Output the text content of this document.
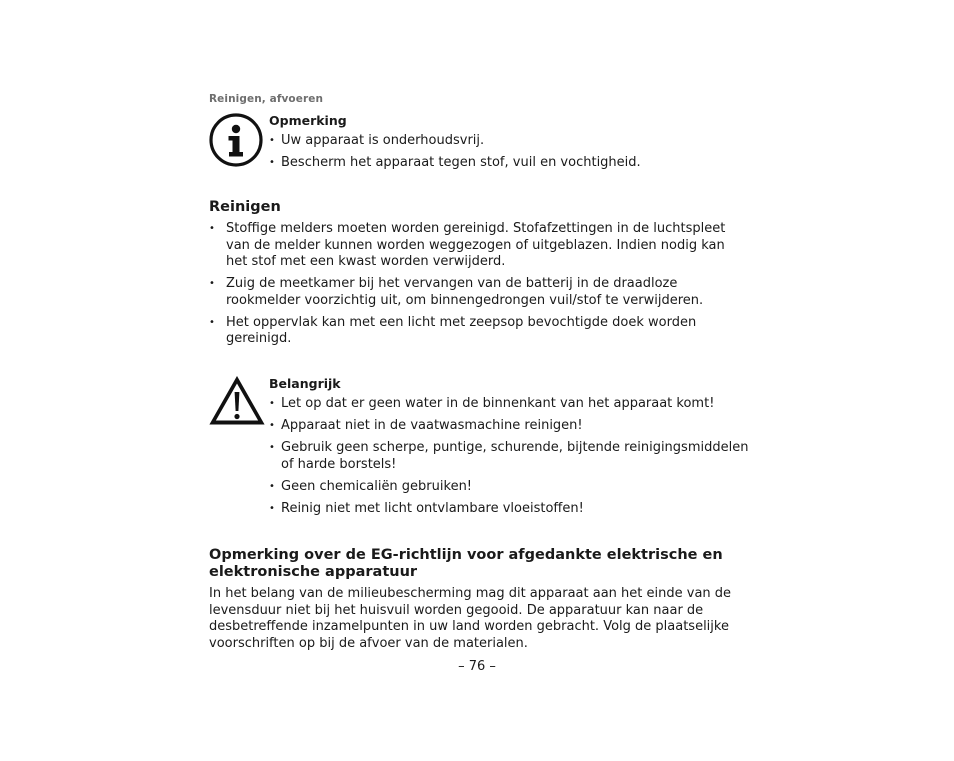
Reinigen, afvoeren

Opmerking

• Uw apparaat is onderhoudsvrij.
• Bescherm het apparaat tegen stof, vuil en vochtigheid.
Reinigen
• Stoffige melders moeten worden gereinigd. Stofafzettingen in de luchtspleet van de melder kunnen worden weggezogen of uitgeblazen. Indien nodig kan het stof met een kwast worden verwijderd.
• Zuig de meetkamer bij het vervangen van de batterij in de draadloze rookmelder voorzichtig uit, om binnengedrongen vuil/stof te verwijderen.
• Het oppervlak kan met een licht met zeepsop bevochtigde doek worden gereinigd.

Belangrijk

• Let op dat er geen water in de binnenkant van het apparaat komt!
• Apparaat niet in de vaatwasmachine reinigen!
• Gebruik geen scherpe, puntige, schurende, bijtende reinigingsmiddelen of harde borstels!
• Geen chemicaliën gebruiken!
• Reinig niet met licht ontvlambare vloeistoffen!
Opmerking over de EG-richtlijn voor afgedankte elektrische en elektronische apparatuur

In het belang van de milieubescherming mag dit apparaat aan het einde van de levensduur niet bij het huisvuil worden gegooid. De apparatuur kan naar de desbetreffende inzamelpunten in uw land worden gebracht. Volg de plaatselijke voorschriften op bij de afvoer van de materialen.

– 76 –
